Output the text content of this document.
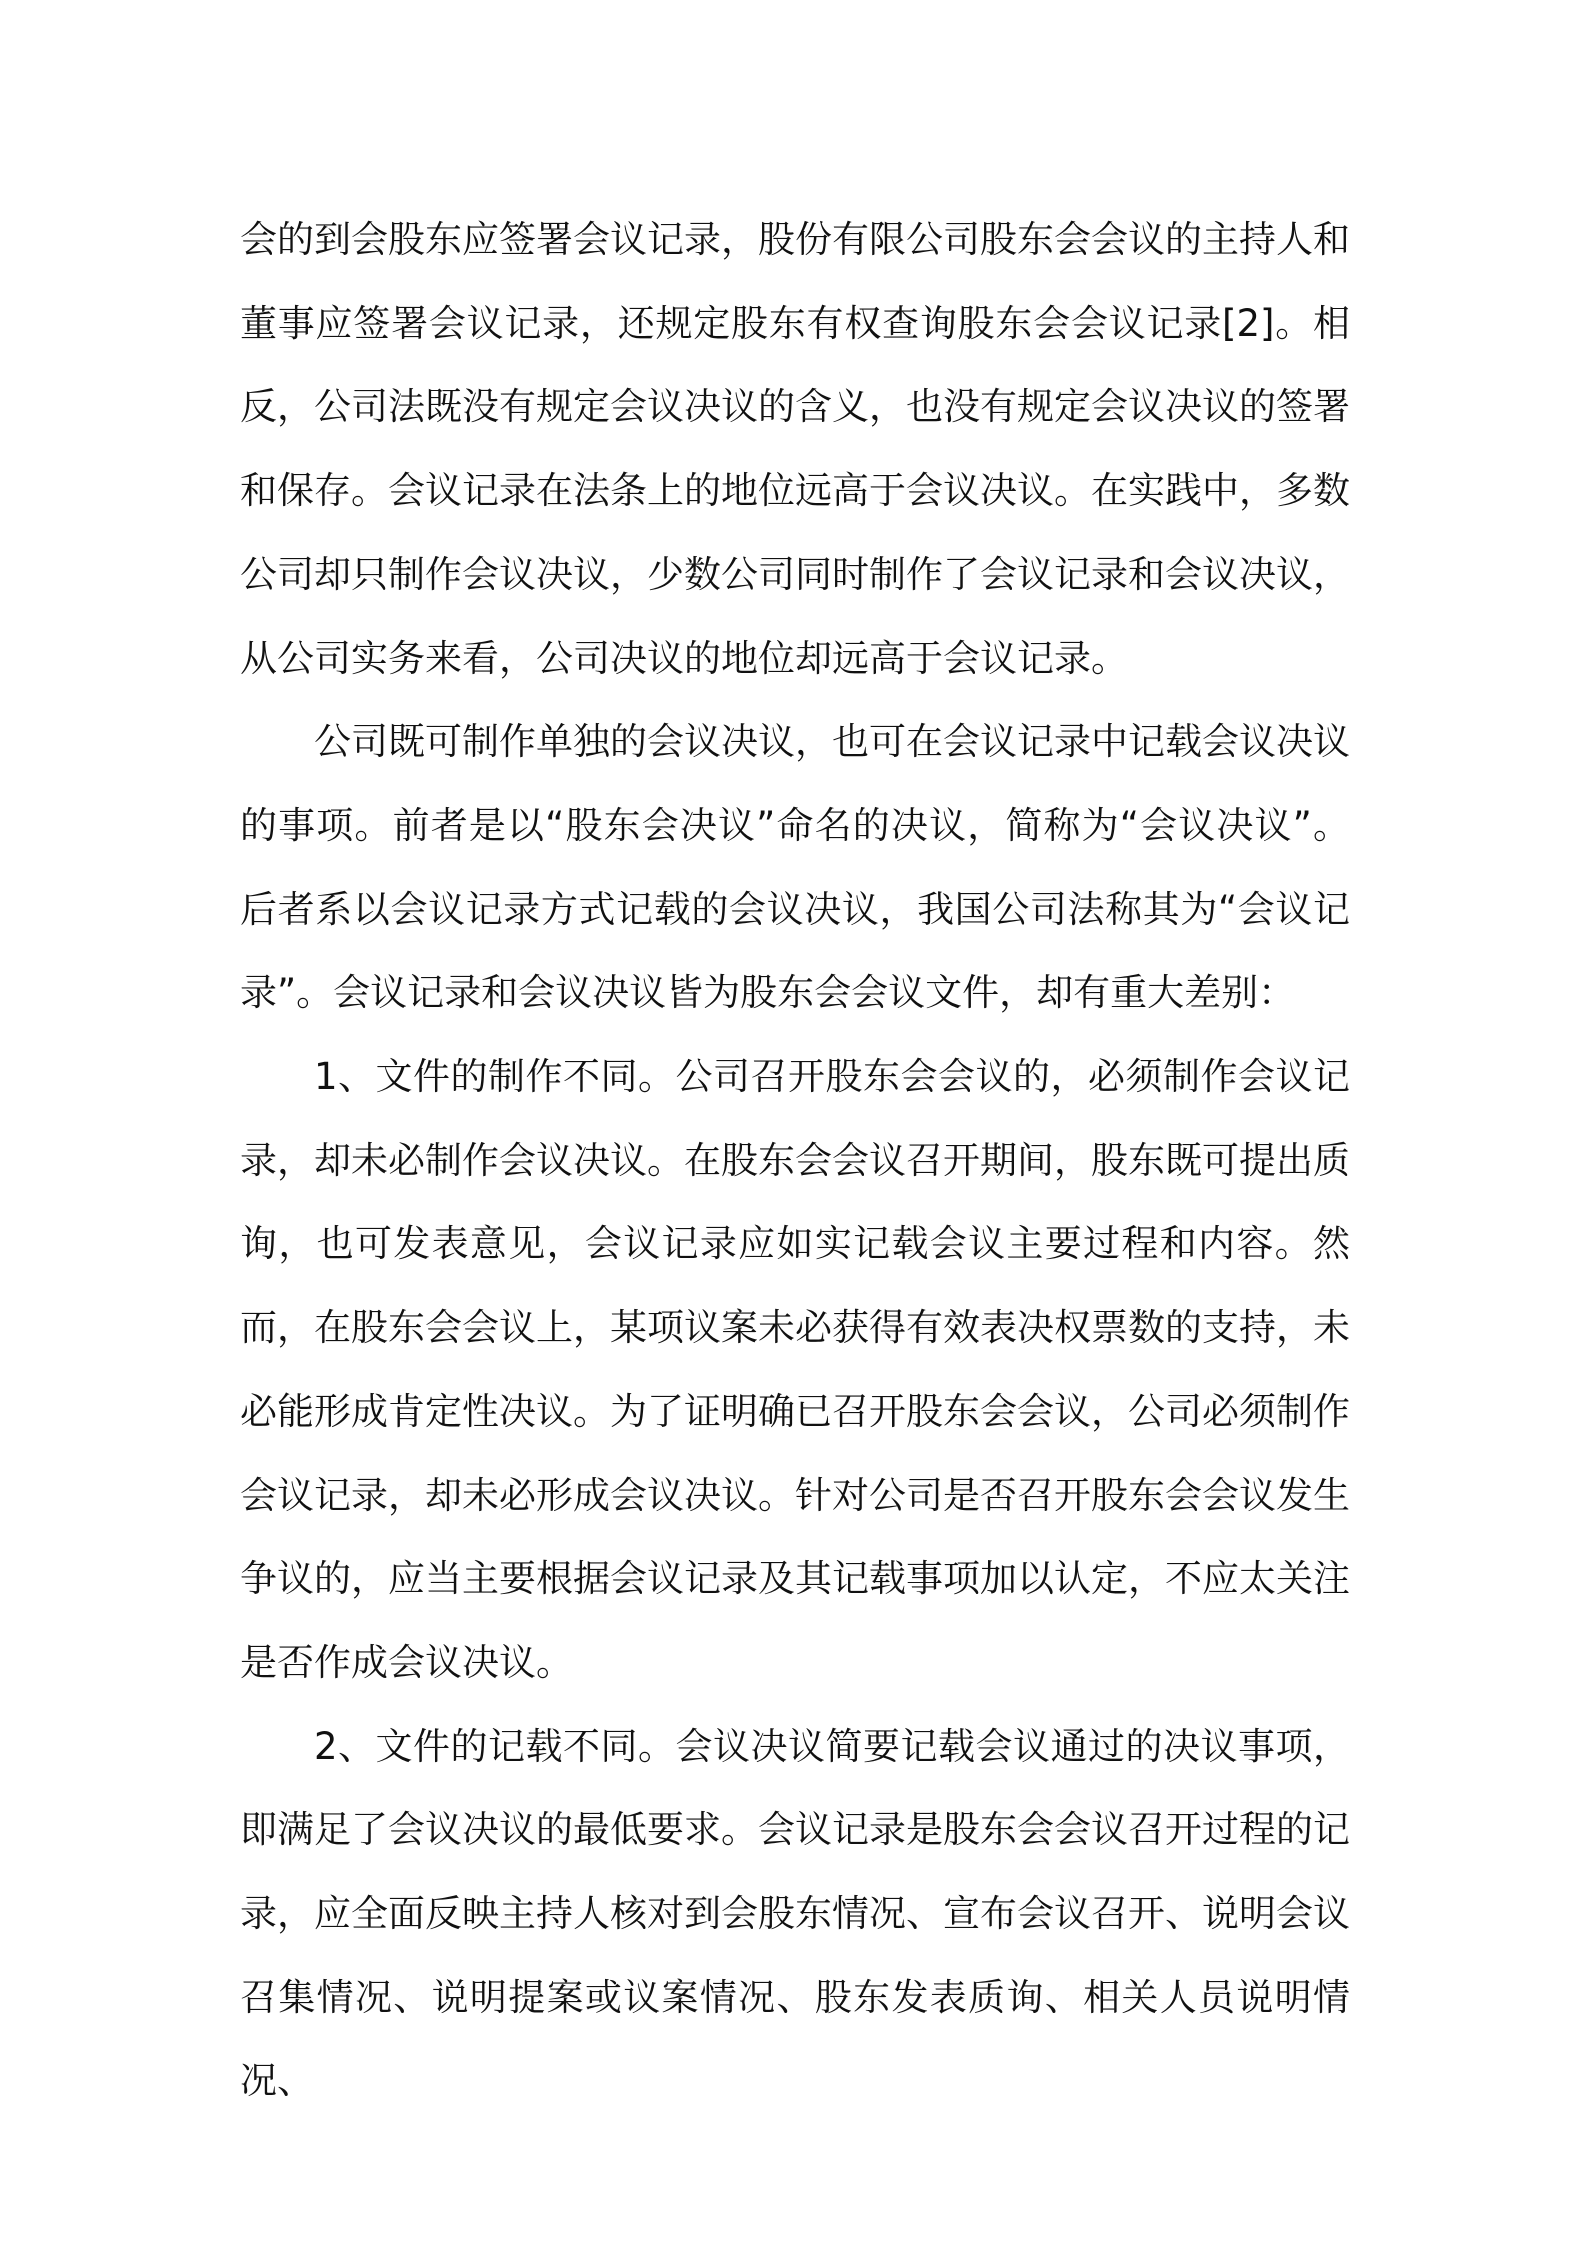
会的到会股东应签署会议记录，股份有限公司股东会会议的主持人和董事应签署会议记录，还规定股东有权查询股东会会议记录[2]。相反，公司法既没有规定会议决议的含义，也没有规定会议决议的签署和保存。会议记录在法条上的地位远高于会议决议。在实践中，多数公司却只制作会议决议，少数公司同时制作了会议记录和会议决议，从公司实务来看，公司决议的地位却远高于会议记录。

公司既可制作单独的会议决议，也可在会议记录中记载会议决议的事项。前者是以“股东会决议”命名的决议，简称为“会议决议”。后者系以会议记录方式记载的会议决议，我国公司法称其为“会议记录”。会议记录和会议决议皆为股东会会议文件，却有重大差别：

1、文件的制作不同。公司召开股东会会议的，必须制作会议记录，却未必制作会议决议。在股东会会议召开期间，股东既可提出质询，也可发表意见，会议记录应如实记载会议主要过程和内容。然而，在股东会会议上，某项议案未必获得有效表决权票数的支持，未必能形成肯定性决议。为了证明确已召开股东会会议，公司必须制作会议记录，却未必形成会议决议。针对公司是否召开股东会会议发生争议的，应当主要根据会议记录及其记载事项加以认定，不应太关注是否作成会议决议。

2、文件的记载不同。会议决议简要记载会议通过的决议事项，即满足了会议决议的最低要求。会议记录是股东会会议召开过程的记录，应全面反映主持人核对到会股东情况、宣布会议召开、说明会议召集情况、说明提案或议案情况、股东发表质询、相关人员说明情况、
